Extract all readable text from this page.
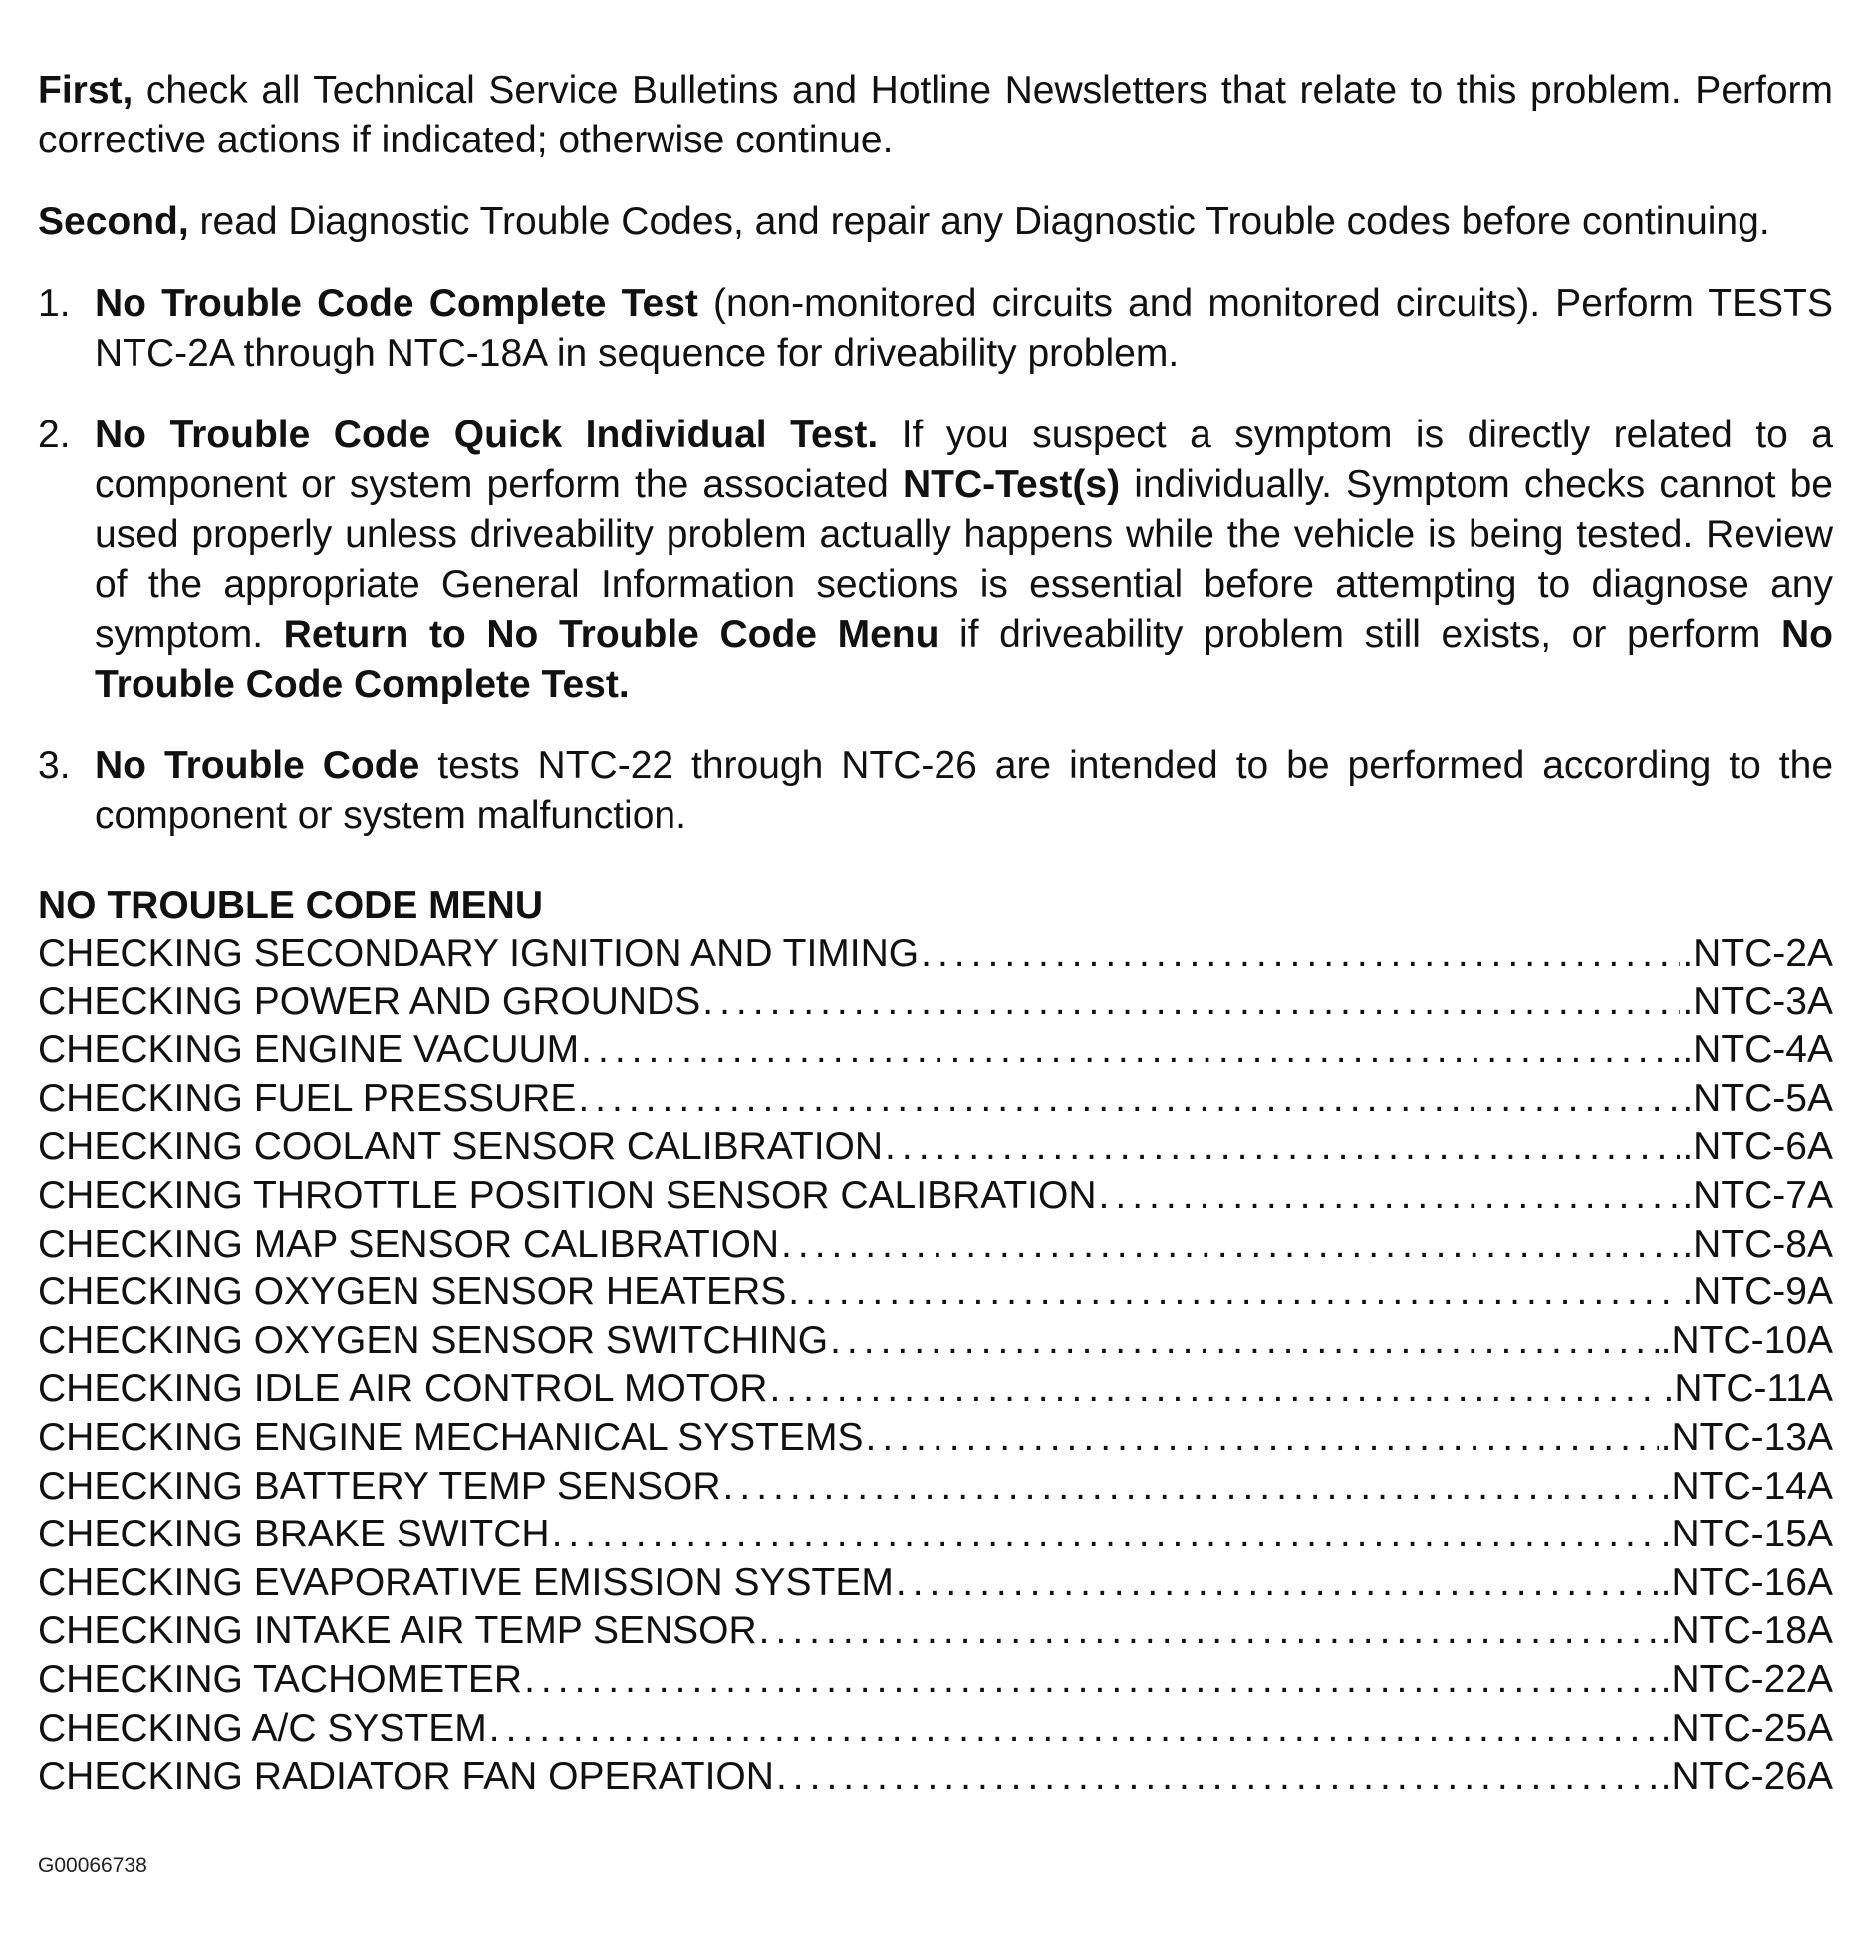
First, check all Technical Service Bulletins and Hotline Newsletters that relate to this problem. Perform corrective actions if indicated; otherwise continue.

Second, read Diagnostic Trouble Codes, and repair any Diagnostic Trouble codes before continuing.

1. No Trouble Code Complete Test (non-monitored circuits and monitored circuits). Perform TESTS NTC-2A through NTC-18A in sequence for driveability problem.
2. No Trouble Code Quick Individual Test. If you suspect a symptom is directly related to a component or system perform the associated NTC-Test(s) individually. Symptom checks cannot be used properly unless driveability problem actually happens while the vehicle is being tested. Review of the appropriate General Information sections is essential before attempting to diagnose any symptom. Return to No Trouble Code Menu if driveability problem still exists, or perform No Trouble Code Complete Test.
3. No Trouble Code tests NTC-22 through NTC-26 are intended to be performed according to the component or system malfunction.

NO TROUBLE CODE MENU

CHECKING SECONDARY IGNITION AND TIMING .....	.NTC-2A
CHECKING POWER AND GROUNDS .....	.NTC-3A
CHECKING ENGINE VACUUM .....	.NTC-4A
CHECKING FUEL PRESSURE .....	.NTC-5A
CHECKING COOLANT SENSOR CALIBRATION .....	.NTC-6A
CHECKING THROTTLE POSITION SENSOR CALIBRATION .....	.NTC-7A
CHECKING MAP SENSOR CALIBRATION .....	.NTC-8A
CHECKING OXYGEN SENSOR HEATERS .....	.NTC-9A
CHECKING OXYGEN SENSOR SWITCHING .....	.NTC-10A
CHECKING IDLE AIR CONTROL MOTOR .....	.NTC-11A
CHECKING ENGINE MECHANICAL SYSTEMS .....	.NTC-13A
CHECKING BATTERY TEMP SENSOR .....	.NTC-14A
CHECKING BRAKE SWITCH .....	.NTC-15A
CHECKING EVAPORATIVE EMISSION SYSTEM .....	.NTC-16A
CHECKING INTAKE AIR TEMP SENSOR .....	.NTC-18A
CHECKING TACHOMETER .....	.NTC-22A
CHECKING A/C SYSTEM .....	.NTC-25A
CHECKING RADIATOR FAN OPERATION .....	.NTC-26A
G00066738
